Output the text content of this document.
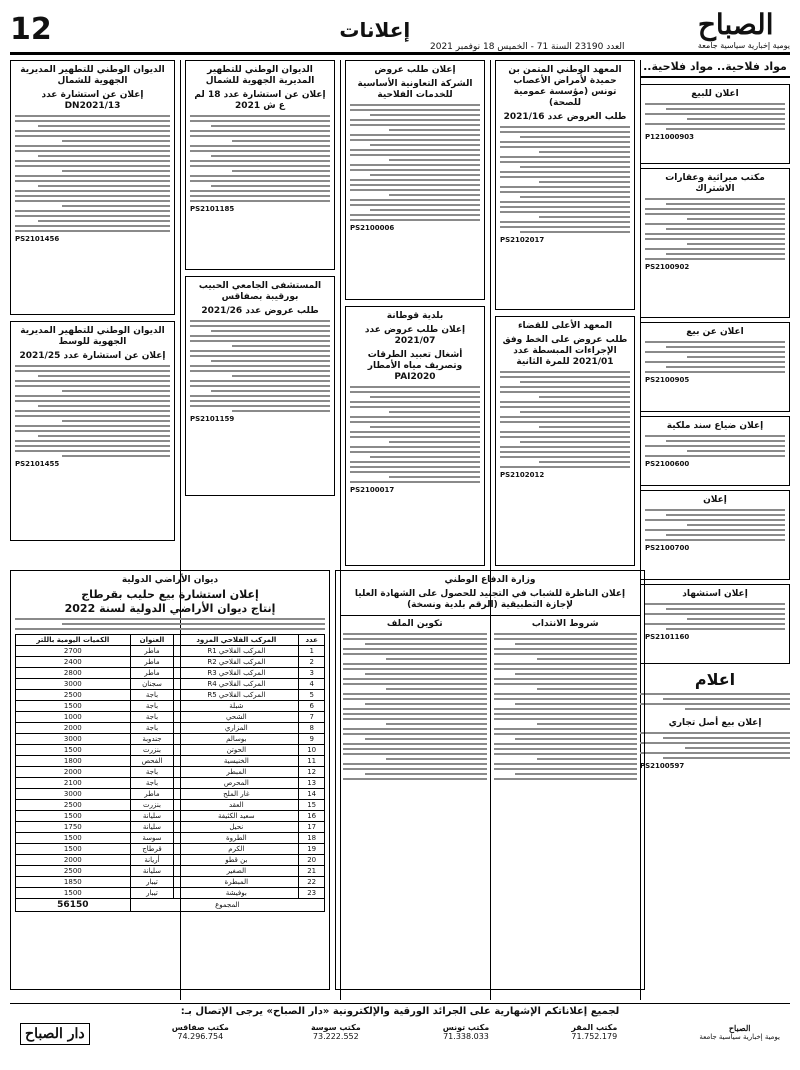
الصباح
يومية إخبارية سياسية جامعة
إعلانات
12	العدد 23190 السنة 71 - الخميس 18 نوفمبر 2021
مواد فلاحية.. مواد فلاحية..
اعلان للبيع
P121000903
مكتب ميراثية وعقارات الاشتراك
PS2100902
اعلان عن بيع
PS2100905
إعلان ضياع سند ملكية
PS2100600
إعلان
PS2100700
إعلان استشهاد
PS2101160
اعلام
إعلان بيع أصل تجاري
PS2100597
المعهد الوطني المتمن بن حميدة لأمراض الأعصاب تونس (مؤسسة عمومية للصحة)
طلب العروض عدد 2021/16
PS2102017
المعهد الأعلى للقضاء
طلب عروض على الخط وفق الإجراءات المبسطة عدد 2021/01 للمرة الثانية
PS2102012
إعلان طلب عروض
الشركة التعاونية الأساسية للخدمات الفلاحية
PS2100006
بلدية قوطانة
إعلان طلب عروض عدد 2021/07
أشغال تعبيد الطرقات وتصريف مياه الأمطار PAI2020
PS2100017
الديوان الوطني للتطهير المديرية الجهوية للشمال
إعلان عن استشارة عدد 18 لم ع ش 2021
PS2101185
المستشفى الجامعي الحبيب بورقيبة بصفاقس
طلب عروض عدد 2021/26
PS2101159
الديوان الوطني للتطهير المديرية الجهوية للشمال
إعلان عن استشارة عدد DN2021/13
PS2101456
الديوان الوطني للتطهير المديرية الجهوية للوسط
إعلان عن استشارة عدد 2021/25
PS2101455
وزارة الدفاع الوطني
إعلان الناظرة للشباب في التجنيد للحصول على الشهادة العليا لإجازة التطبيقية (الرقم بلدية ونسخة)
شروط الانتداب
تكوين الملف
ديوان الأراضي الدولية
إعلان استشارة بيع حليب بقرطاج
إنتاج ديوان الأراضي الدولية لسنة 2022
عدد	المركب الفلاحي المزود	العنوان	الكميات اليومية باللتر
1	المركب الفلاحي R1	ماطر	2700
2	المركب الفلاحي R2	ماطر	2400
3	المركب الفلاحي R3	ماطر	2800
4	المركب الفلاحي R4	سجنان	3000
5	المركب الفلاحي R5	باجة	2500
6	شبلة	باجة	1500
7	الشحي	باجة	1000
8	المزاري	باجة	2000
9	بوسالم	جندوبة	3000
10	الحوتن	بنزرت	1500
11	الخنيسية	الفحص	1800
12	المبطر	باجة	2000
13	المحرص	باجة	2100
14	غار الملح	ماطر	3000
15	العقد	بنزرت	2500
16	سعيد الكثيفة	سليانة	1500
17	نحيل	سليانة	1750
18	الطروة	سوسة	1500
19	الكرم	قرطاج	1500
20	بن قطو	أريانة	2000
21	الصغير	سليانة	2500
22	المبطرة	تيبار	1850
23	بوفيشة	تيبار	1500
المجموع			56150
لجميع إعلاناتكم الإشهارية على الجرائد الورقية والإلكترونية «دار الصباح» يرجى الإتصال بـ:
الصباح
يومية إخبارية سياسية جامعة
مكتب المقر
71.752.179
مكتب تونس
71.338.033
مكتب سوسة
73.222.552
مكتب صفاقس
74.296.754
دار الصباح
